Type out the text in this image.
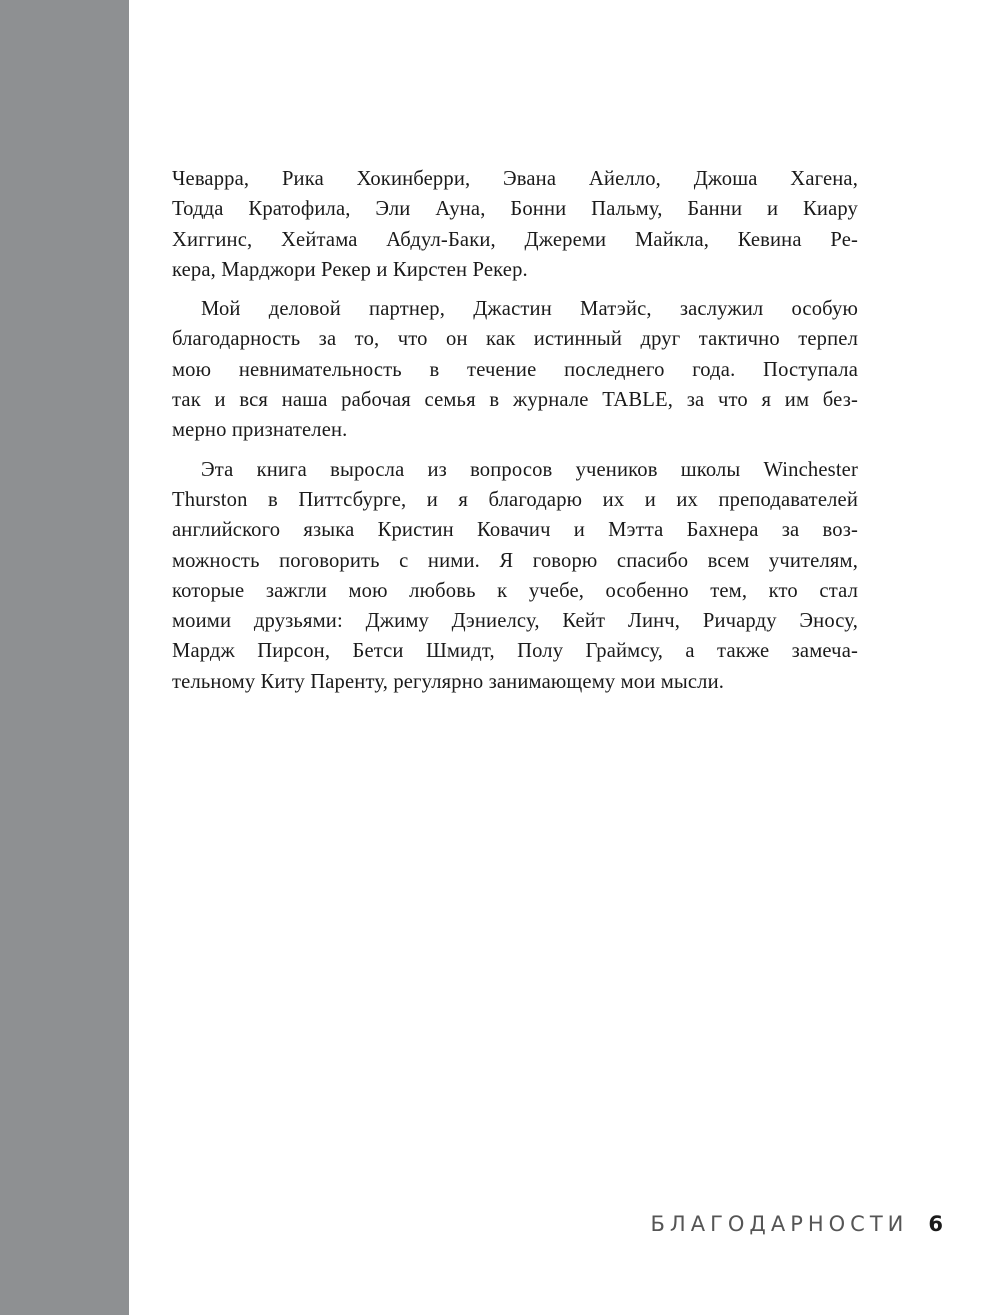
Чеварра, Рика Хокинберри, Эвана Айелло, Джоша Хагена,
Тодда Кратофила, Эли Ауна, Бонни Пальму, Банни и Киару
Хиггинс, Хейтама Абдул-Баки, Джереми Майкла, Кевина Ре-
кера, Марджори Рекер и Кирстен Рекер.

Мой деловой партнер, Джастин Матэйс, заслужил особую
благодарность за то, что он как истинный друг тактично терпел
мою невнимательность в течение последнего года. Поступала
так и вся наша рабочая семья в журнале TABLE, за что я им без-
мерно признателен.

Эта книга выросла из вопросов учеников школы Winchester
Thurston в Питтсбурге, и я благодарю их и их преподавателей
английского языка Кристин Ковачич и Мэтта Бахнера за воз-
можность поговорить с ними. Я говорю спасибо всем учителям,
которые зажгли мою любовь к учебе, особенно тем, кто стал
моими друзьями: Джиму Дэниелсу, Кейт Линч, Ричарду Эносу,
Мардж Пирсон, Бетси Шмидт, Полу Граймсу, а также замеча-
тельному Киту Паренту, регулярно занимающему мои мысли.

БЛАГОДАРНОСТИ 6
